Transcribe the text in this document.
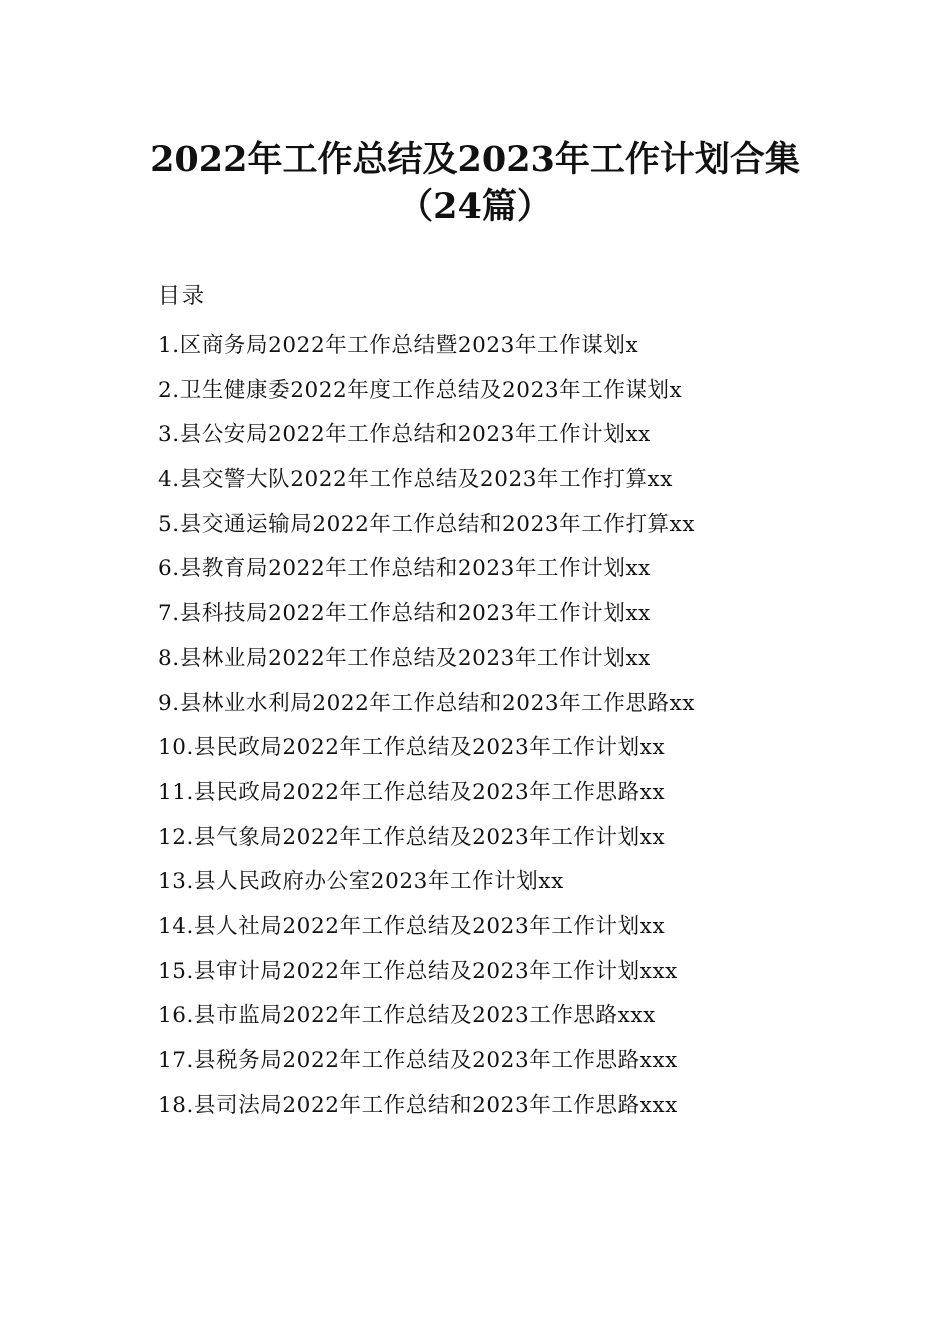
2022年工作总结及2023年工作计划合集（24篇）
目录
1.区商务局2022年工作总结暨2023年工作谋划x
2.卫生健康委2022年度工作总结及2023年工作谋划x
3.县公安局2022年工作总结和2023年工作计划xx
4.县交警大队2022年工作总结及2023年工作打算xx
5.县交通运输局2022年工作总结和2023年工作打算xx
6.县教育局2022年工作总结和2023年工作计划xx
7.县科技局2022年工作总结和2023年工作计划xx
8.县林业局2022年工作总结及2023年工作计划xx
9.县林业水利局2022年工作总结和2023年工作思路xx
10.县民政局2022年工作总结及2023年工作计划xx
11.县民政局2022年工作总结及2023年工作思路xx
12.县气象局2022年工作总结及2023年工作计划xx
13.县人民政府办公室2023年工作计划xx
14.县人社局2022年工作总结及2023年工作计划xx
15.县审计局2022年工作总结及2023年工作计划xxx
16.县市监局2022年工作总结及2023工作思路xxx
17.县税务局2022年工作总结及2023年工作思路xxx
18.县司法局2022年工作总结和2023年工作思路xxx
